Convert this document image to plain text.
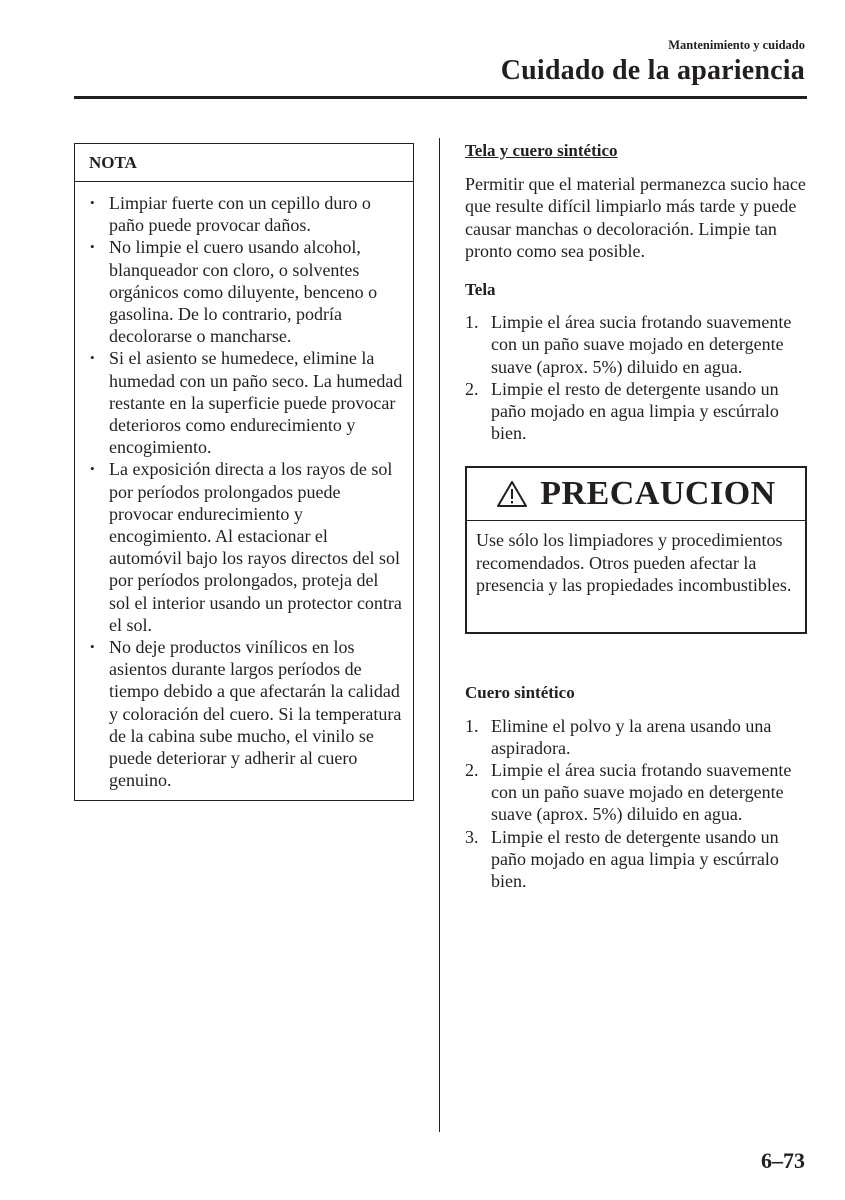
Mantenimiento y cuidado
Cuidado de la apariencia
NOTA
• Limpiar fuerte con un cepillo duro o paño puede provocar daños.
• No limpie el cuero usando alcohol, blanqueador con cloro, o solventes orgánicos como diluyente, benceno o gasolina. De lo contrario, podría decolorarse o mancharse.
• Si el asiento se humedece, elimine la humedad con un paño seco. La humedad restante en la superficie puede provocar deterioros como endurecimiento y encogimiento.
• La exposición directa a los rayos de sol por períodos prolongados puede provocar endurecimiento y encogimiento. Al estacionar el automóvil bajo los rayos directos del sol por períodos prolongados, proteja del sol el interior usando un protector contra el sol.
• No deje productos vinílicos en los asientos durante largos períodos de tiempo debido a que afectarán la calidad y coloración del cuero. Si la temperatura de la cabina sube mucho, el vinilo se puede deteriorar y adherir al cuero genuino.

Tela y cuero sintético

Permitir que el material permanezca sucio hace que resulte difícil limpiarlo más tarde y puede causar manchas o decoloración. Limpie tan pronto como sea posible.

Tela

1. Limpie el área sucia frotando suavemente con un paño suave mojado en detergente suave (aprox. 5%) diluido en agua.
2. Limpie el resto de detergente usando un paño mojado en agua limpia y escúrralo bien.
PRECAUCION
Use sólo los limpiadores y procedimientos recomendados. Otros pueden afectar la presencia y las propiedades incombustibles.

Cuero sintético

1. Elimine el polvo y la arena usando una aspiradora.
2. Limpie el área sucia frotando suavemente con un paño suave mojado en detergente suave (aprox. 5%) diluido en agua.
3. Limpie el resto de detergente usando un paño mojado en agua limpia y escúrralo bien.
6–73
